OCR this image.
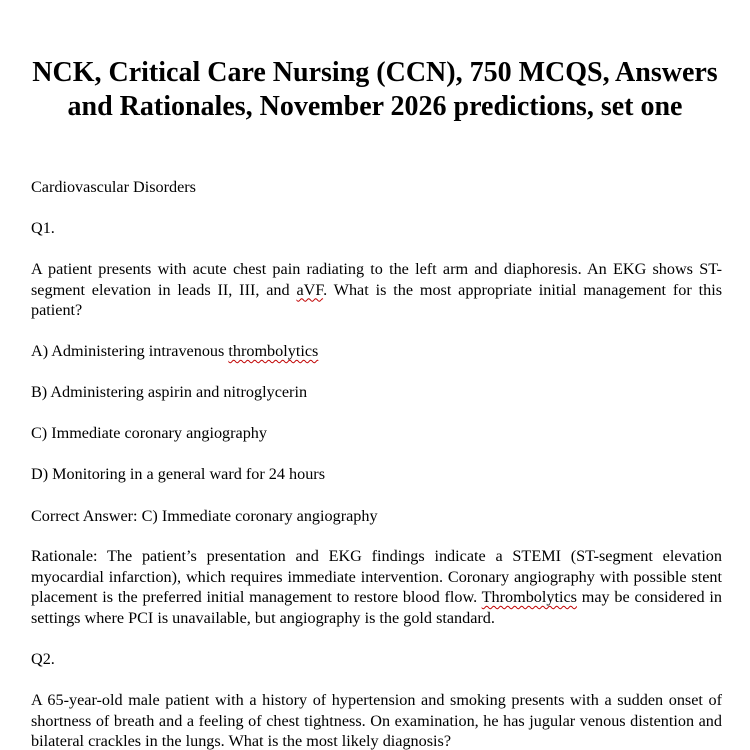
NCK, Critical Care Nursing (CCN), 750 MCQS, Answers and Rationales, November 2026 predictions, set one

Cardiovascular Disorders

Q1.

A patient presents with acute chest pain radiating to the left arm and diaphoresis. An EKG shows ST-segment elevation in leads II, III, and aVF. What is the most appropriate initial management for this patient?

A) Administering intravenous thrombolytics

B) Administering aspirin and nitroglycerin

C) Immediate coronary angiography

D) Monitoring in a general ward for 24 hours

Correct Answer: C) Immediate coronary angiography

Rationale: The patient’s presentation and EKG findings indicate a STEMI (ST-segment elevation myocardial infarction), which requires immediate intervention. Coronary angiography with possible stent placement is the preferred initial management to restore blood flow. Thrombolytics may be considered in settings where PCI is unavailable, but angiography is the gold standard.

Q2.

A 65-year-old male patient with a history of hypertension and smoking presents with a sudden onset of shortness of breath and a feeling of chest tightness. On examination, he has jugular venous distention and bilateral crackles in the lungs. What is the most likely diagnosis?
